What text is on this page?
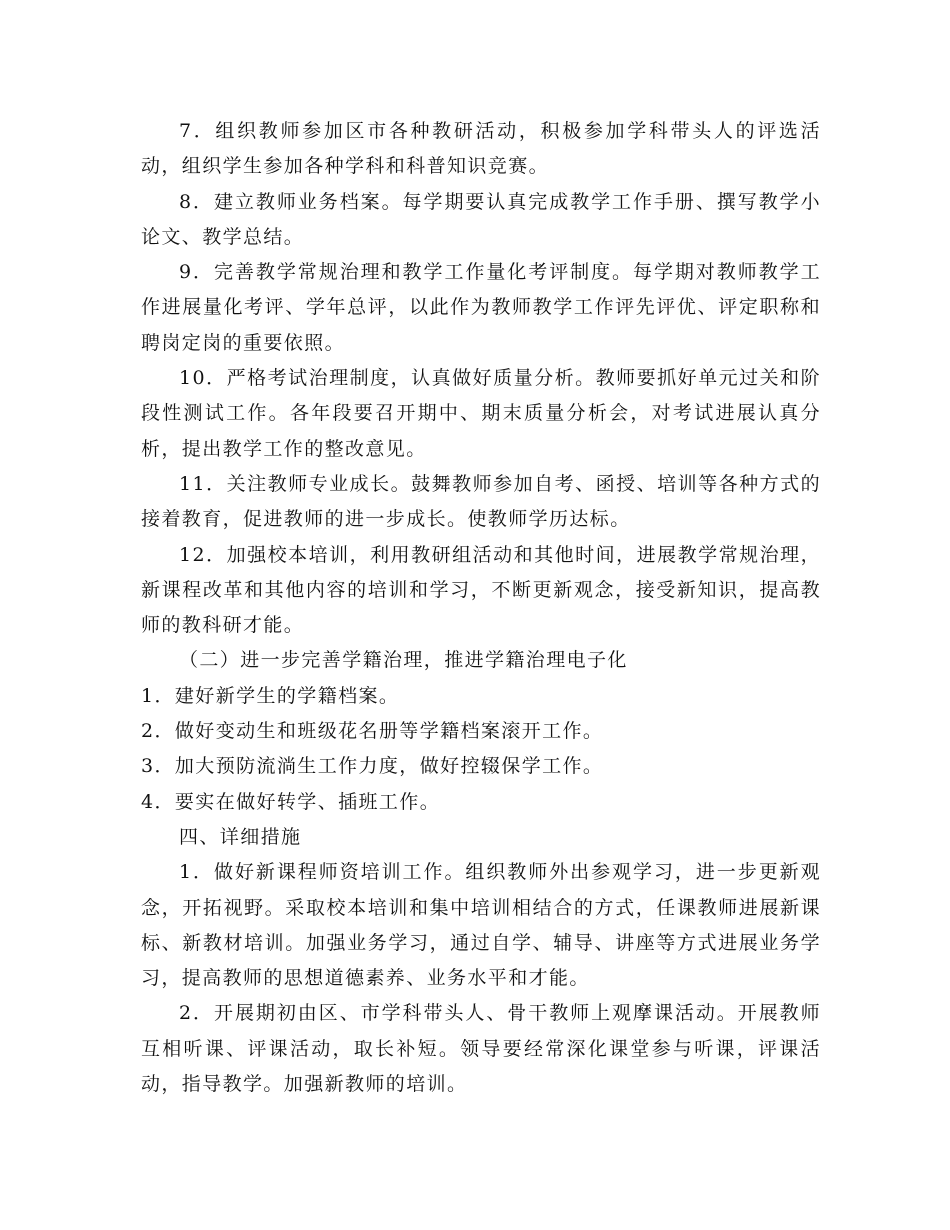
7．组织教师参加区市各种教研活动，积极参加学科带头人的评选活动，组织学生参加各种学科和科普知识竞赛。

8．建立教师业务档案。每学期要认真完成教学工作手册、撰写教学小论文、教学总结。

9．完善教学常规治理和教学工作量化考评制度。每学期对教师教学工作进展量化考评、学年总评，以此作为教师教学工作评先评优、评定职称和聘岗定岗的重要依照。

10．严格考试治理制度，认真做好质量分析。教师要抓好单元过关和阶段性测试工作。各年段要召开期中、期末质量分析会，对考试进展认真分析，提出教学工作的整改意见。

11．关注教师专业成长。鼓舞教师参加自考、函授、培训等各种方式的接着教育，促进教师的进一步成长。使教师学历达标。

12．加强校本培训，利用教研组活动和其他时间，进展教学常规治理，新课程改革和其他内容的培训和学习，不断更新观念，接受新知识，提高教师的教科研才能。

（二）进一步完善学籍治理，推进学籍治理电子化

1．建好新学生的学籍档案。

2．做好变动生和班级花名册等学籍档案滚开工作。

3．加大预防流淌生工作力度，做好控辍保学工作。

4．要实在做好转学、插班工作。

四、详细措施

1．做好新课程师资培训工作。组织教师外出参观学习，进一步更新观念，开拓视野。采取校本培训和集中培训相结合的方式，任课教师进展新课标、新教材培训。加强业务学习，通过自学、辅导、讲座等方式进展业务学习，提高教师的思想道德素养、业务水平和才能。

2．开展期初由区、市学科带头人、骨干教师上观摩课活动。开展教师互相听课、评课活动，取长补短。领导要经常深化课堂参与听课，评课活动，指导教学。加强新教师的培训。
